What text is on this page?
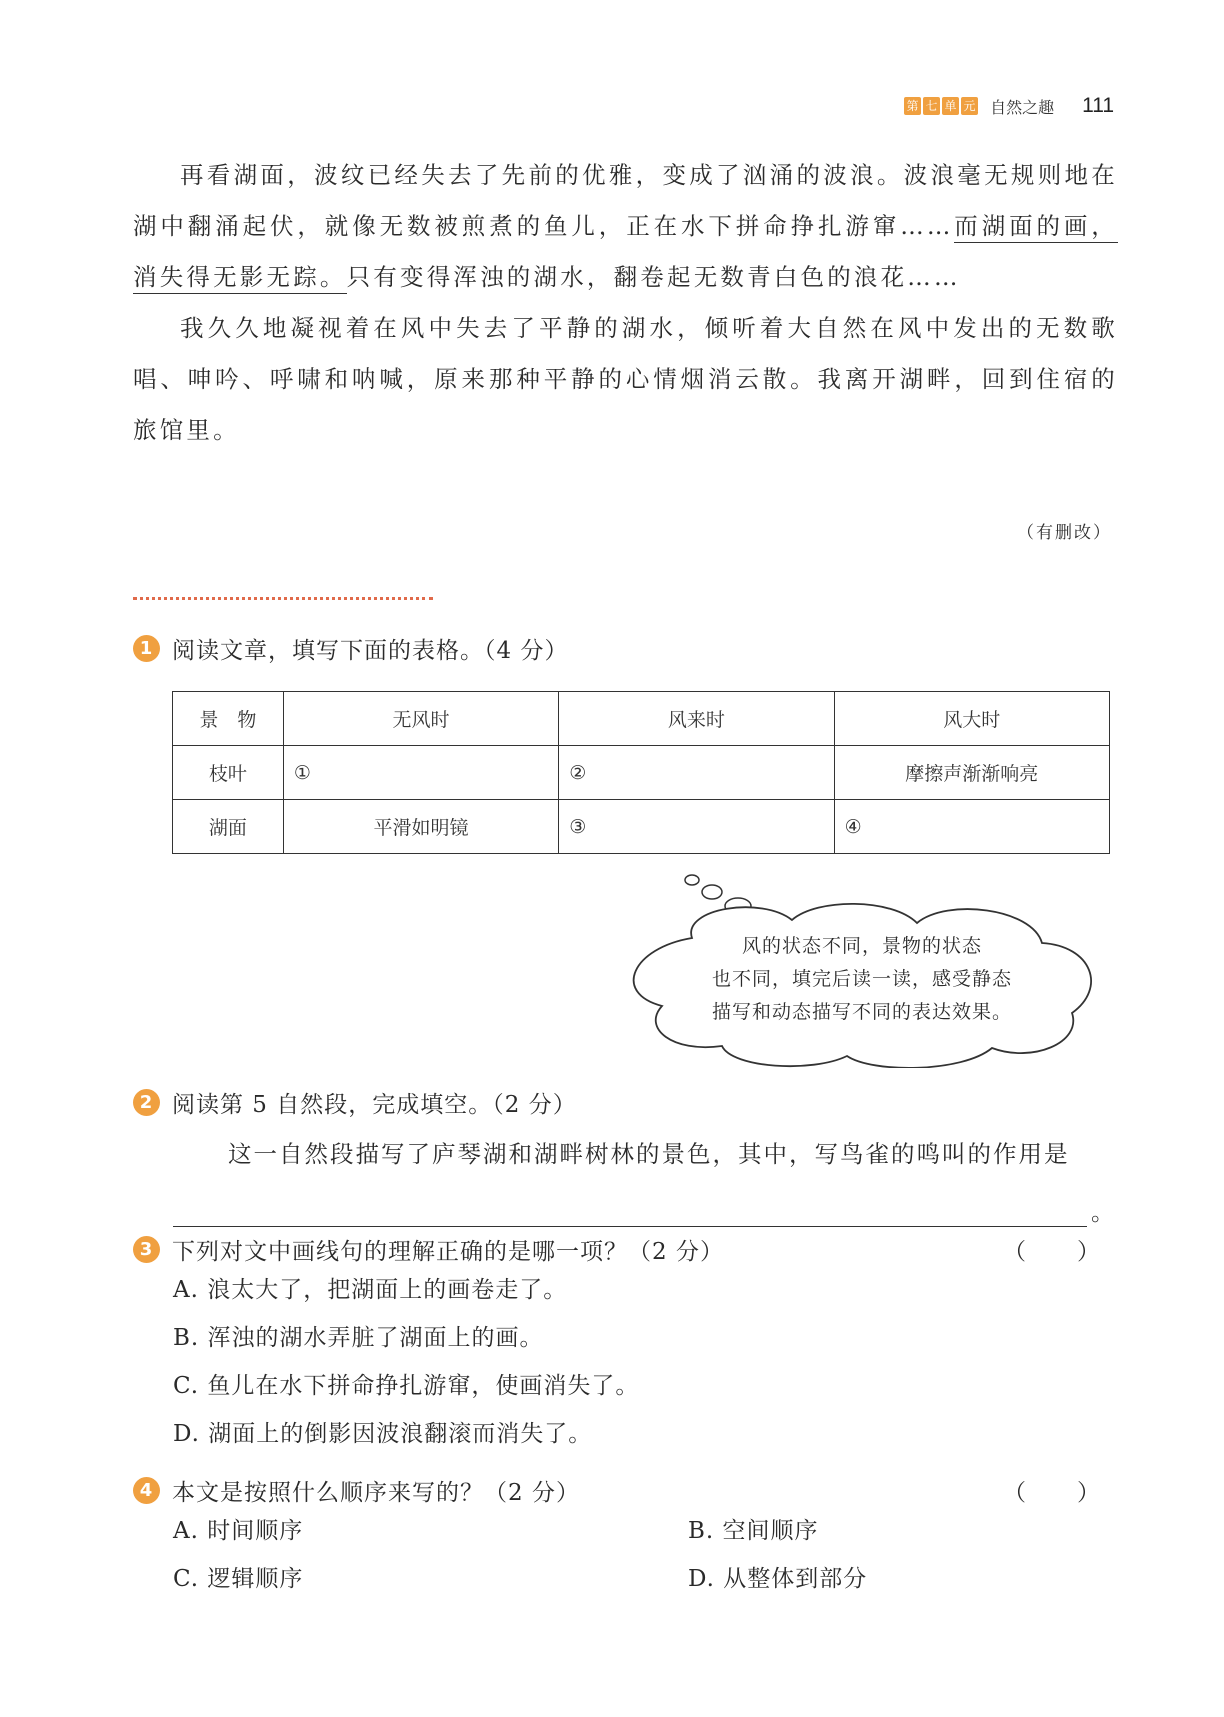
第 七 单 元 自然之趣 111

再看湖面，波纹已经失去了先前的优雅，变成了汹涌的波浪。波浪毫无规则地在湖中翻涌起伏，就像无数被煎煮的鱼儿，正在水下拼命挣扎游窜……而湖面的画，消失得无影无踪。只有变得浑浊的湖水，翻卷起无数青白色的浪花……

我久久地凝视着在风中失去了平静的湖水，倾听着大自然在风中发出的无数歌唱、呻吟、呼啸和呐喊，原来那种平静的心情烟消云散。我离开湖畔，回到住宿的旅馆里。

（有删改）
1 阅读文章，填写下面的表格。（4 分）
景　物	无风时	风来时	风大时
枝叶	①	②	摩擦声渐渐响亮
湖面	平滑如明镜	③	④
风的状态不同，景物的状态
也不同，填完后读一读，感受静态
描写和动态描写不同的表达效果。
2 阅读第 5 自然段，完成填空。（2 分）
这一自然段描写了庐琴湖和湖畔树林的景色，其中，写鸟雀的鸣叫的作用是
。
3 下列对文中画线句的理解正确的是哪一项？（2 分）	（　）
A. 浪太大了，把湖面上的画卷走了。
B. 浑浊的湖水弄脏了湖面上的画。
C. 鱼儿在水下拼命挣扎游窜，使画消失了。
D. 湖面上的倒影因波浪翻滚而消失了。
4 本文是按照什么顺序来写的？（2 分）	（　）
A. 时间顺序	B. 空间顺序
C. 逻辑顺序	D. 从整体到部分
